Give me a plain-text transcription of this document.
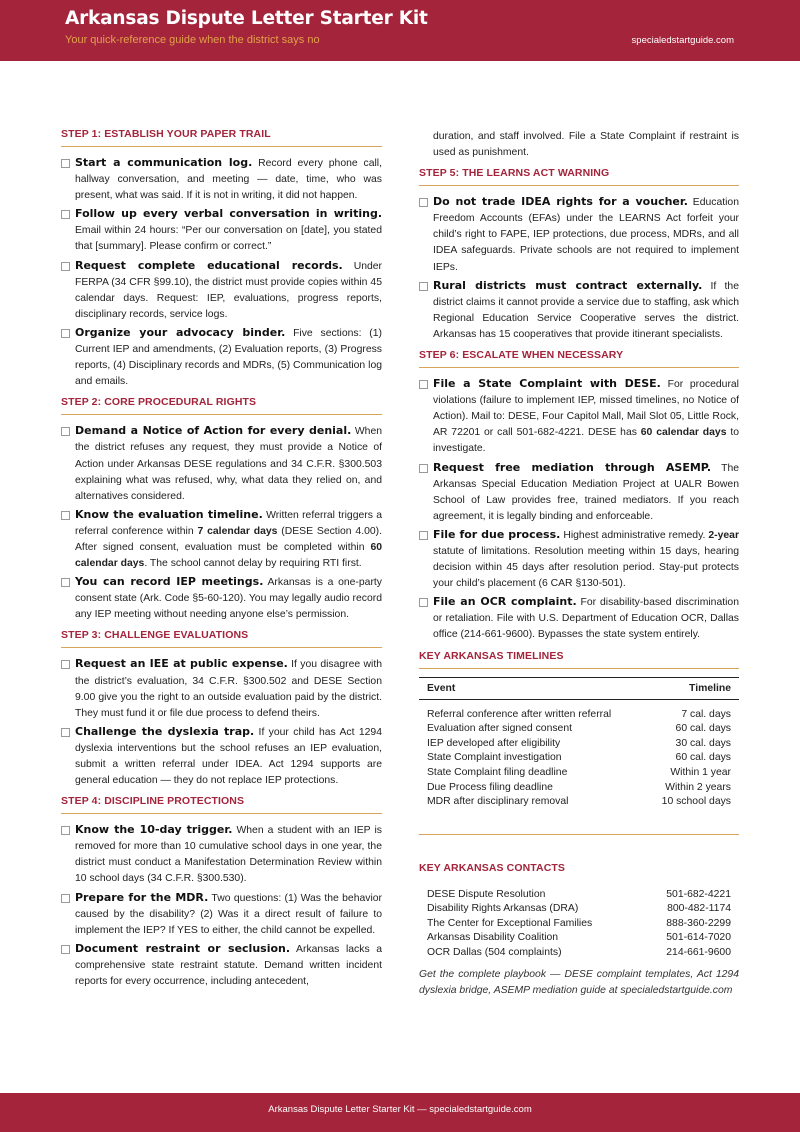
Arkansas Dispute Letter Starter Kit
Your quick-reference guide when the district says no	specialedstartguide.com
STEP 1: ESTABLISH YOUR PAPER TRAIL
Start a communication log. Record every phone call, hallway conversation, and meeting — date, time, who was present, what was said. If it is not in writing, it did not happen.
Follow up every verbal conversation in writing. Email within 24 hours: “Per our conversation on [date], you stated that [summary]. Please confirm or correct.”
Request complete educational records. Under FERPA (34 CFR §99.10), the district must provide copies within 45 calendar days. Request: IEP, evaluations, progress reports, disciplinary records, service logs.
Organize your advocacy binder. Five sections: (1) Current IEP and amendments, (2) Evaluation reports, (3) Progress reports, (4) Disciplinary records and MDRs, (5) Communication log and emails.
STEP 2: CORE PROCEDURAL RIGHTS
Demand a Notice of Action for every denial. When the district refuses any request, they must provide a Notice of Action under Arkansas DESE regulations and 34 C.F.R. §300.503 explaining what was refused, why, what data they relied on, and alternatives considered.
Know the evaluation timeline. Written referral triggers a referral conference within 7 calendar days (DESE Section 4.00). After signed consent, evaluation must be completed within 60 calendar days. The school cannot delay by requiring RTI first.
You can record IEP meetings. Arkansas is a one-party consent state (Ark. Code §5-60-120). You may legally audio record any IEP meeting without needing anyone else’s permission.
STEP 3: CHALLENGE EVALUATIONS
Request an IEE at public expense. If you disagree with the district’s evaluation, 34 C.F.R. §300.502 and DESE Section 9.00 give you the right to an outside evaluation paid by the district. They must fund it or file due process to defend theirs.
Challenge the dyslexia trap. If your child has Act 1294 dyslexia interventions but the school refuses an IEP evaluation, submit a written referral under IDEA. Act 1294 supports are general education — they do not replace IEP protections.
STEP 4: DISCIPLINE PROTECTIONS
Know the 10-day trigger. When a student with an IEP is removed for more than 10 cumulative school days in one year, the district must conduct a Manifestation Determination Review within 10 school days (34 C.F.R. §300.530).
Prepare for the MDR. Two questions: (1) Was the behavior caused by the disability? (2) Was it a direct result of failure to implement the IEP? If YES to either, the child cannot be expelled.
Document restraint or seclusion. Arkansas lacks a comprehensive state restraint statute. Demand written incident reports for every occurrence, including antecedent,
duration, and staff involved. File a State Complaint if restraint is used as punishment.
STEP 5: THE LEARNS ACT WARNING
Do not trade IDEA rights for a voucher. Education Freedom Accounts (EFAs) under the LEARNS Act forfeit your child’s right to FAPE, IEP protections, due process, MDRs, and all IDEA safeguards. Private schools are not required to implement IEPs.
Rural districts must contract externally. If the district claims it cannot provide a service due to staffing, ask which Regional Education Service Cooperative serves the district. Arkansas has 15 cooperatives that provide itinerant specialists.
STEP 6: ESCALATE WHEN NECESSARY
File a State Complaint with DESE. For procedural violations (failure to implement IEP, missed timelines, no Notice of Action). Mail to: DESE, Four Capitol Mall, Mail Slot 05, Little Rock, AR 72201 or call 501-682-4221. DESE has 60 calendar days to investigate.
Request free mediation through ASEMP. The Arkansas Special Education Mediation Project at UALR Bowen School of Law provides free, trained mediators. If you reach agreement, it is legally binding and enforceable.
File for due process. Highest administrative remedy. 2-year statute of limitations. Resolution meeting within 15 days, hearing decision within 45 days after resolution period. Stay-put protects your child’s placement (6 CAR §130-501).
File an OCR complaint. For disability-based discrimination or retaliation. File with U.S. Department of Education OCR, Dallas office (214-661-9600). Bypasses the state system entirely.
KEY ARKANSAS TIMELINES
Event	Timeline
Referral conference after written referral	7 cal. days
Evaluation after signed consent	60 cal. days
IEP developed after eligibility	30 cal. days
State Complaint investigation	60 cal. days
State Complaint filing deadline	Within 1 year
Due Process filing deadline	Within 2 years
MDR after disciplinary removal	10 school days
KEY ARKANSAS CONTACTS
DESE Dispute Resolution	501-682-4221
Disability Rights Arkansas (DRA)	800-482-1174
The Center for Exceptional Families	888-360-2299
Arkansas Disability Coalition	501-614-7020
OCR Dallas (504 complaints)	214-661-9600
Get the complete playbook — DESE complaint templates, Act 1294 dyslexia bridge, ASEMP mediation guide at specialedstartguide.com
Arkansas Dispute Letter Starter Kit — specialedstartguide.com
